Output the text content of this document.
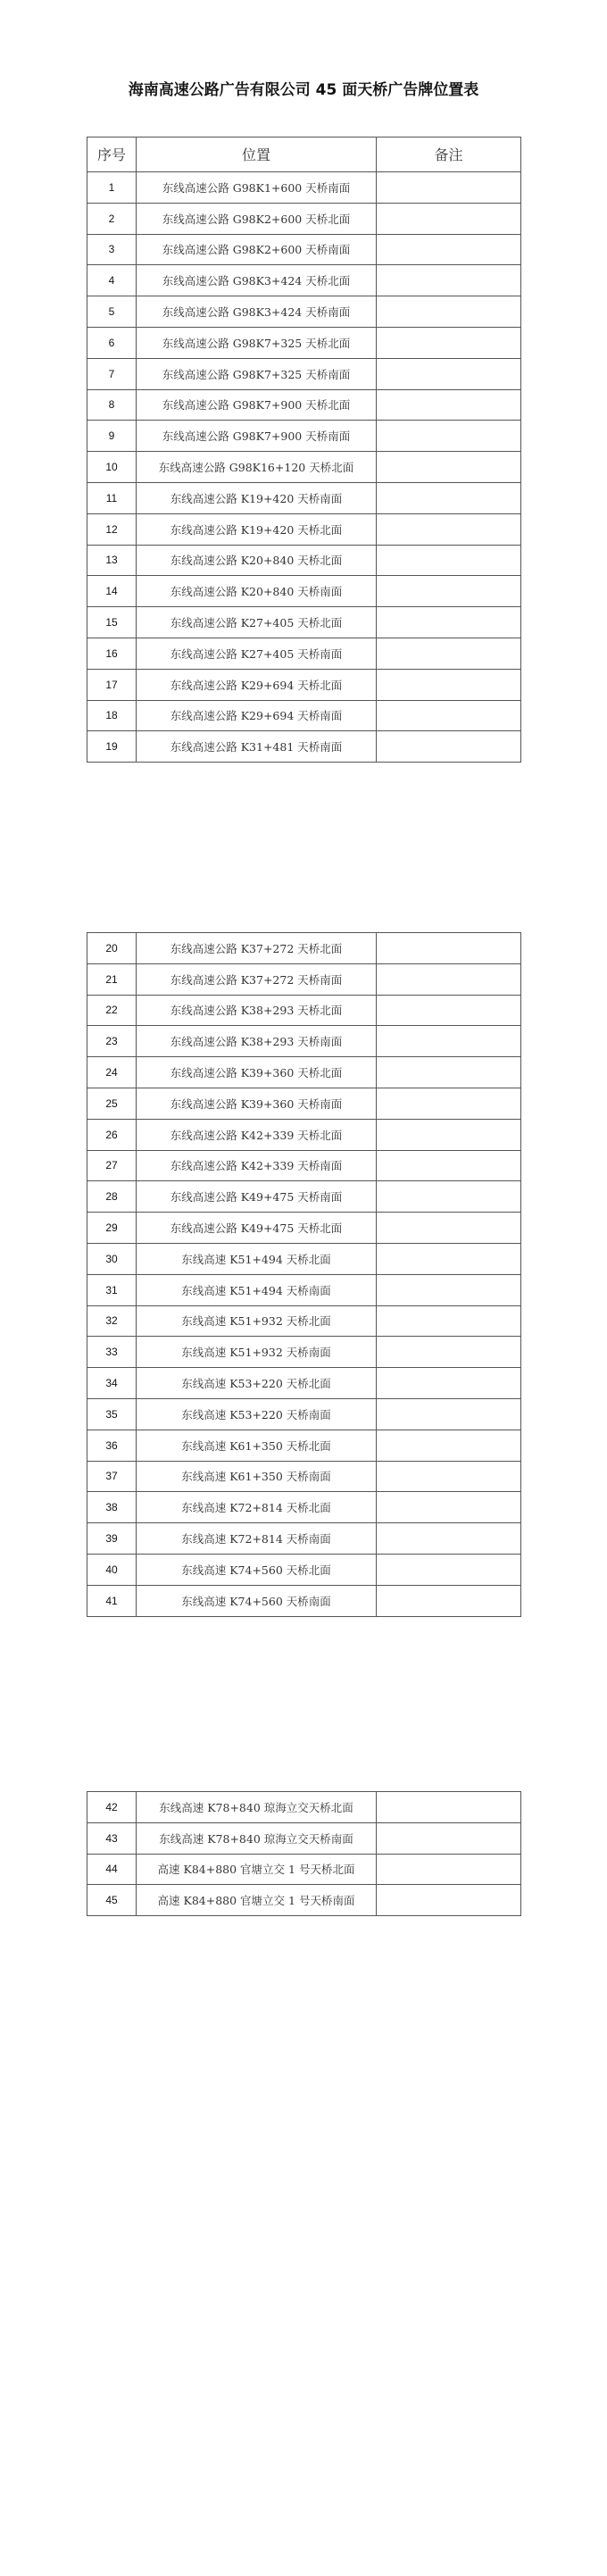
海南高速公路广告有限公司 45 面天桥广告牌位置表
序号	位置	备注
1	东线高速公路 G98K1+600 天桥南面	
2	东线高速公路 G98K2+600 天桥北面	
3	东线高速公路 G98K2+600 天桥南面	
4	东线高速公路 G98K3+424 天桥北面	
5	东线高速公路 G98K3+424 天桥南面	
6	东线高速公路 G98K7+325 天桥北面	
7	东线高速公路 G98K7+325 天桥南面	
8	东线高速公路 G98K7+900 天桥北面	
9	东线高速公路 G98K7+900 天桥南面	
10	东线高速公路 G98K16+120 天桥北面	
11	东线高速公路 K19+420 天桥南面	
12	东线高速公路 K19+420 天桥北面	
13	东线高速公路 K20+840 天桥北面	
14	东线高速公路 K20+840 天桥南面	
15	东线高速公路 K27+405 天桥北面	
16	东线高速公路 K27+405 天桥南面	
17	东线高速公路 K29+694 天桥北面	
18	东线高速公路 K29+694 天桥南面	
19	东线高速公路 K31+481 天桥南面	
20	东线高速公路 K37+272 天桥北面	
21	东线高速公路 K37+272 天桥南面	
22	东线高速公路 K38+293 天桥北面	
23	东线高速公路 K38+293 天桥南面	
24	东线高速公路 K39+360 天桥北面	
25	东线高速公路 K39+360 天桥南面	
26	东线高速公路 K42+339 天桥北面	
27	东线高速公路 K42+339 天桥南面	
28	东线高速公路 K49+475 天桥南面	
29	东线高速公路 K49+475 天桥北面	
30	东线高速 K51+494 天桥北面	
31	东线高速 K51+494 天桥南面	
32	东线高速 K51+932 天桥北面	
33	东线高速 K51+932 天桥南面	
34	东线高速 K53+220 天桥北面	
35	东线高速 K53+220 天桥南面	
36	东线高速 K61+350 天桥北面	
37	东线高速 K61+350 天桥南面	
38	东线高速 K72+814 天桥北面	
39	东线高速 K72+814 天桥南面	
40	东线高速 K74+560 天桥北面	
41	东线高速 K74+560 天桥南面	
42	东线高速 K78+840 琼海立交天桥北面	
43	东线高速 K78+840 琼海立交天桥南面	
44	高速 K84+880 官塘立交 1 号天桥北面	
45	高速 K84+880 官塘立交 1 号天桥南面	
